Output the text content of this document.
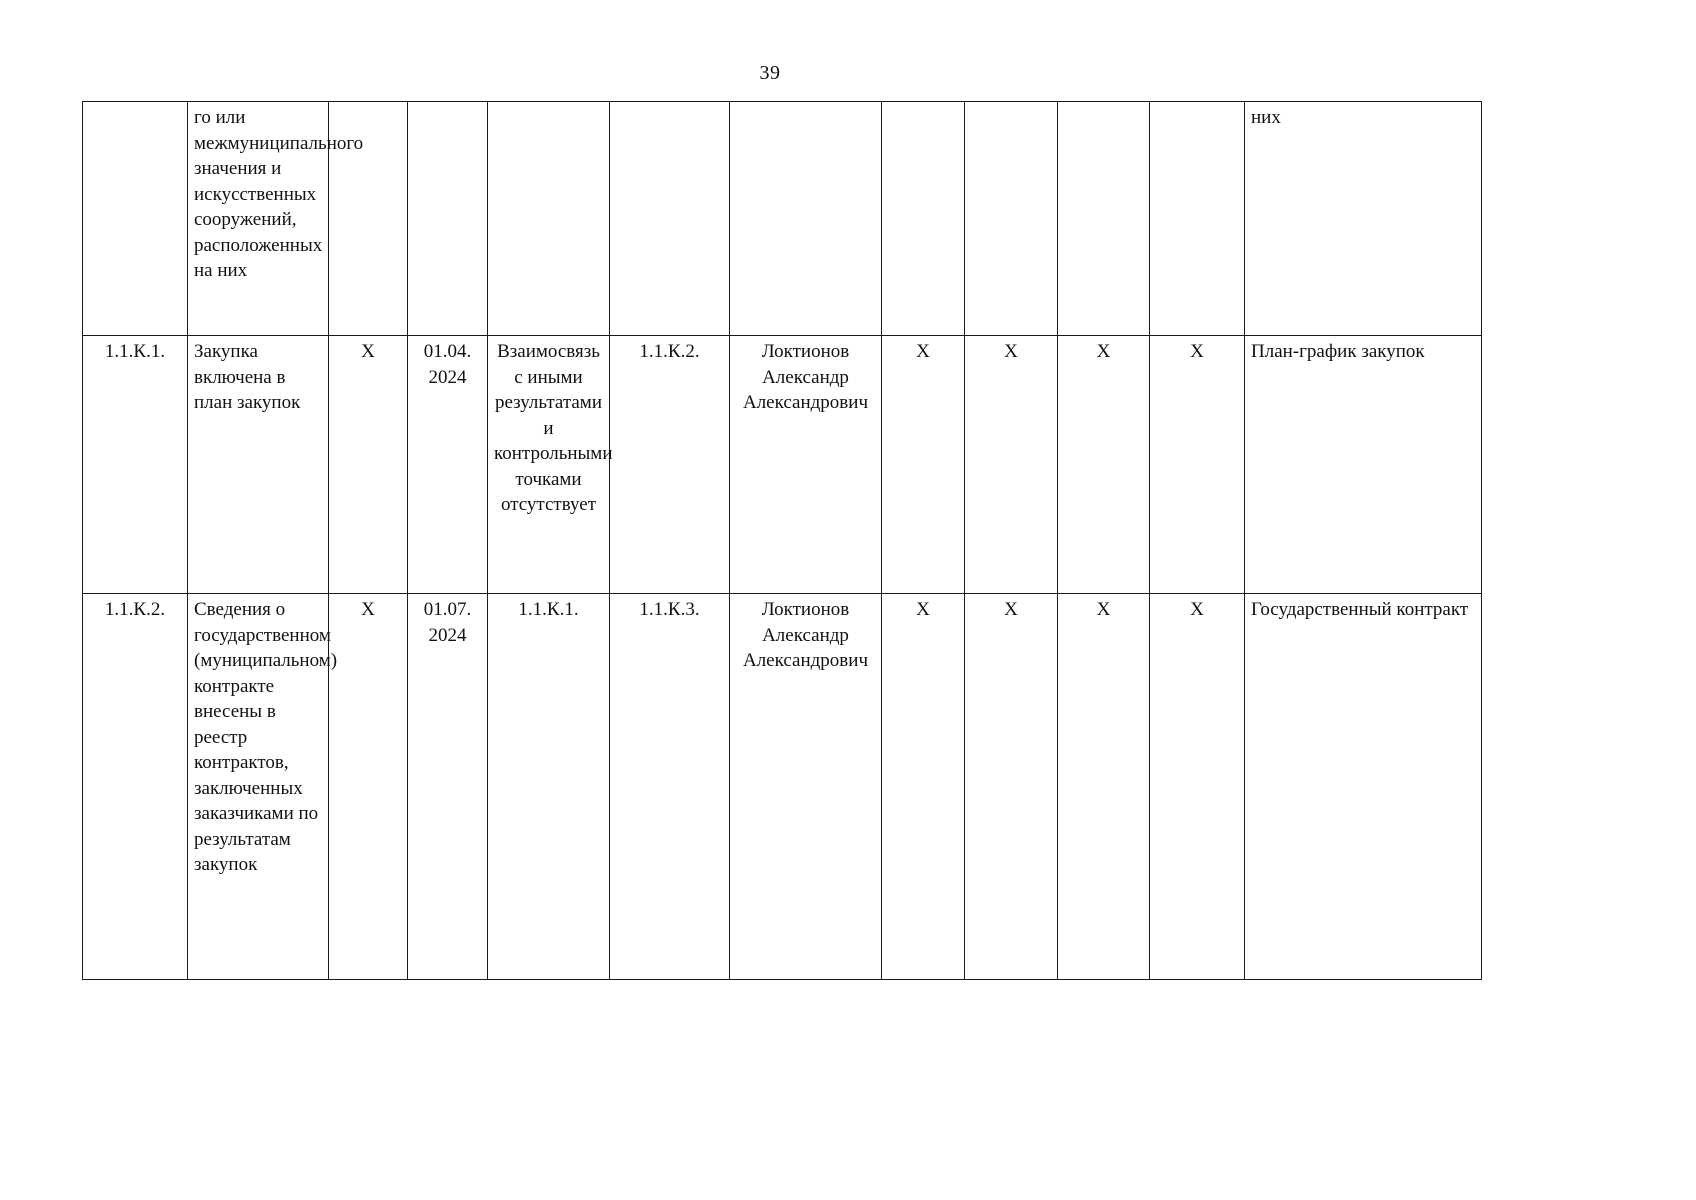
39

	го или межмуниципального значения и искусственных сооружений, расположенных на них										них

1.1.К.1.	Закупка включена в план закупок	Х	01.04. 2024	Взаимосвязь с иными результатами и контрольными точками отсутствует	1.1.К.2.	Локтионов Александр Александрович	Х	Х	Х	Х	План-график закупок
1.1.К.2.	Сведения о государственном (муниципальном) контракте внесены в реестр контрактов, заключенных заказчиками по результатам закупок	Х	01.07. 2024	1.1.К.1.	1.1.К.3.	Локтионов Александр Александрович	Х	Х	Х	Х	Государственный контракт
